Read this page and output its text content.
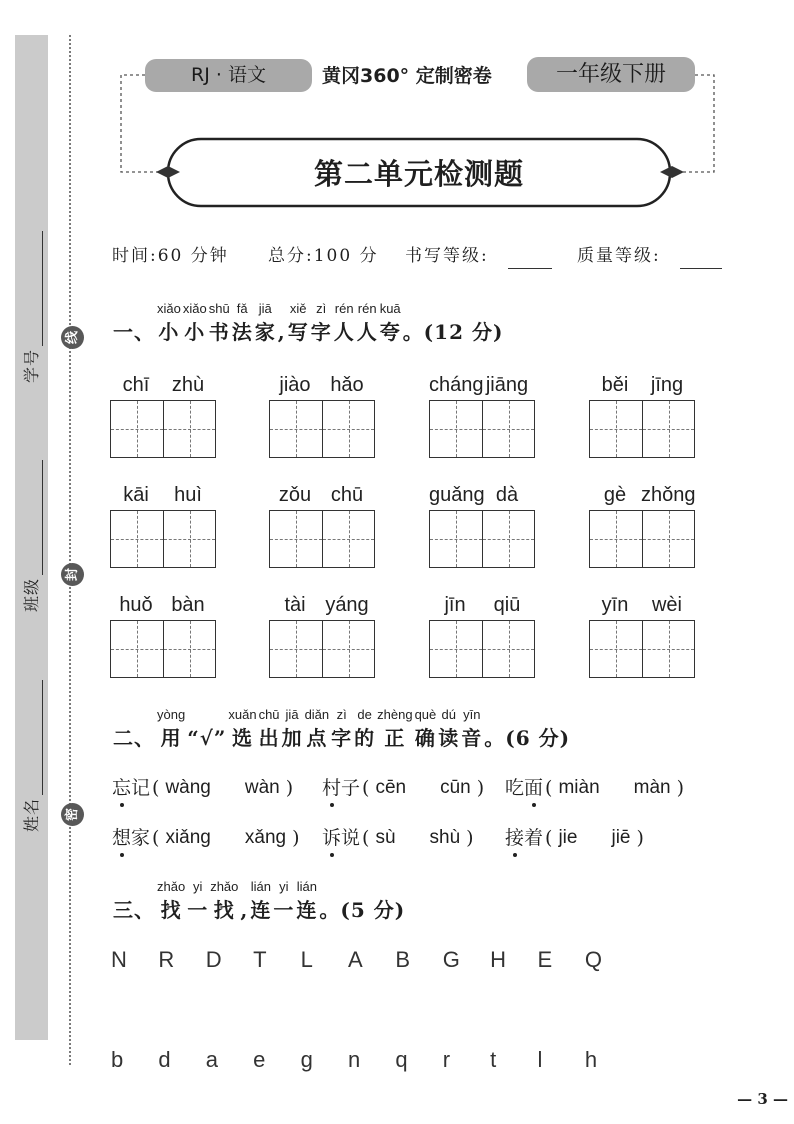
学号
班级
姓名
线
封
密
RJ · 语文	黄冈360° 定制密卷	一年级下册
第二单元检测题
时间:60 分钟 总分:100 分 书写等级:	质量等级:
一、
xiǎo
小
xiǎo
小
shū
书
fǎ
法
jiā
家 ,
xiě
写
zì
字
rén
人
rén
人
kuā
夸 。(12 分)
chī	zhù	jiào hǎo	cháng jiāng	běi	jīng
kāi	huì	zǒu chū	guǎng dà	gè zhǒng
huǒ bàn	tài yáng	jīn	qiū	yīn	wèi
二、
yòng
用 “√”
xuǎn
选
chū
出
jiā
加
diǎn
点
zì
字
de
的
zhèng
正
què
确
dú
读
yīn
音 。(6 分)
忘 记 ( wàng wàn ) 村 子 ( cēn cūn ) 吃 面 ( miàn màn )
想 家 ( xiǎng xǎng ) 诉 说 ( sù shù ) 接 着 ( jie jiē )
三、
zhǎo
找
yi
一
zhǎo
找 ,
lián
连
yi
一
lián
连 。(5 分)
N	R	D	T	L	A	B	G	H	E	Q
b	d	a	e	g	n	q	r	t	l	h
— 3 —
